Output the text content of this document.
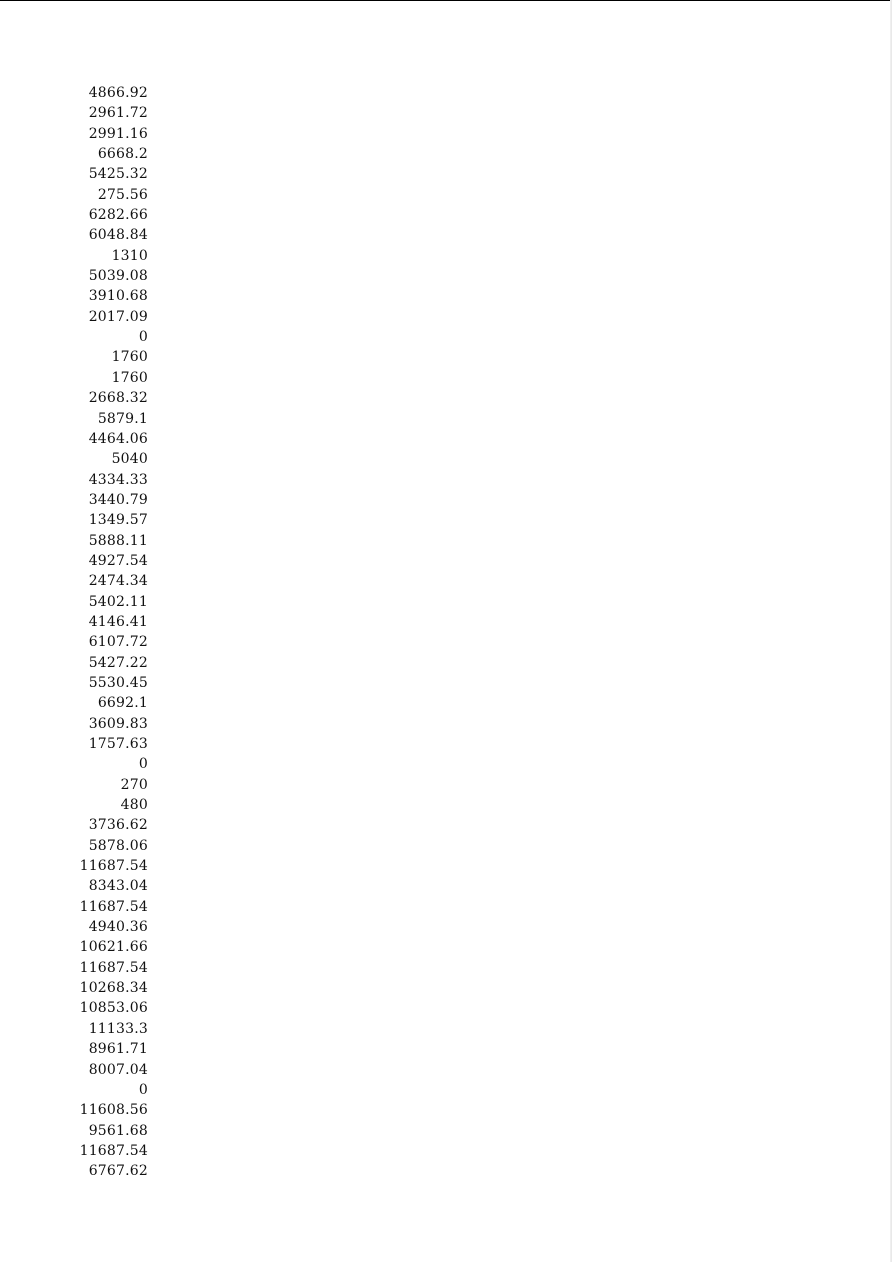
4866.92
2961.72
2991.16
6668.2
5425.32
275.56
6282.66
6048.84
1310
5039.08
3910.68
2017.09
0
1760
1760
2668.32
5879.1
4464.06
5040
4334.33
3440.79
1349.57
5888.11
4927.54
2474.34
5402.11
4146.41
6107.72
5427.22
5530.45
6692.1
3609.83
1757.63
0
270
480
3736.62
5878.06
11687.54
8343.04
11687.54
4940.36
10621.66
11687.54
10268.34
10853.06
11133.3
8961.71
8007.04
0
11608.56
9561.68
11687.54
6767.62
